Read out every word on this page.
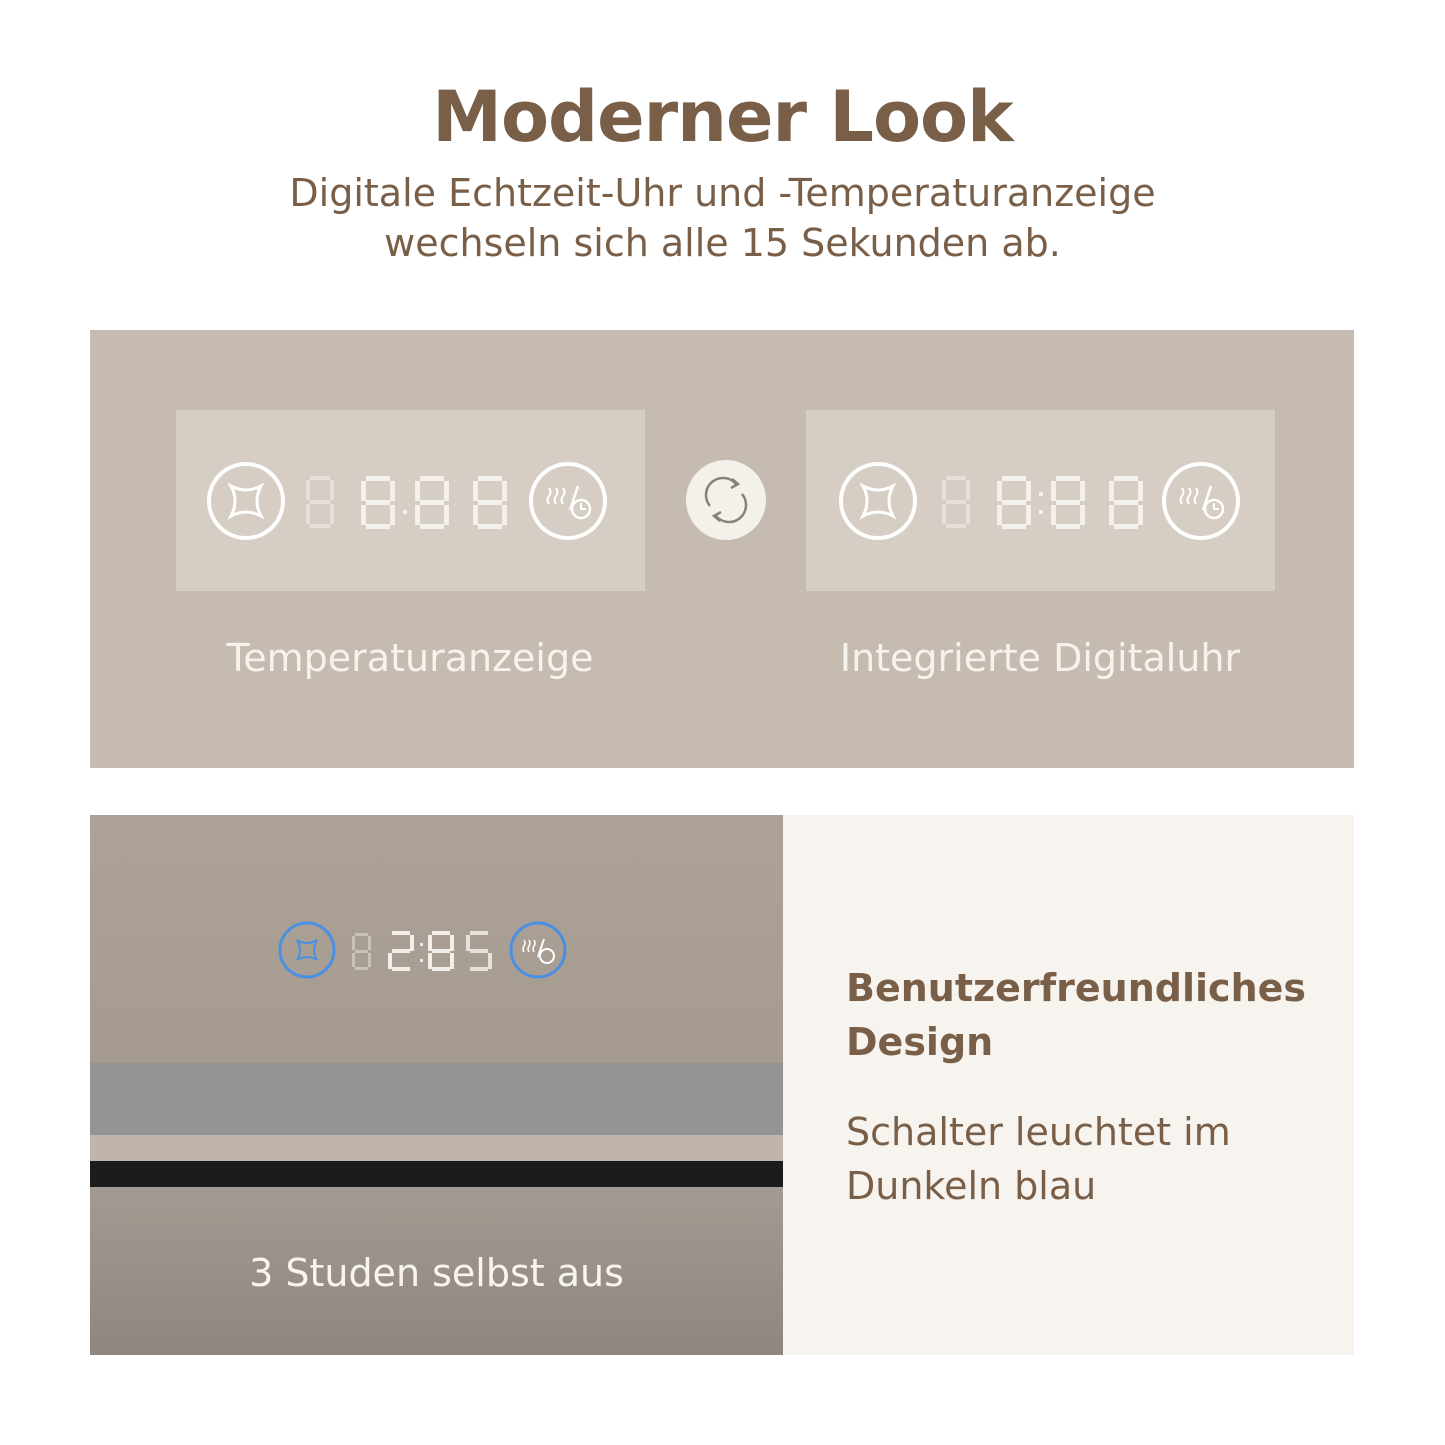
Moderner Look
Digitale Echtzeit-Uhr und -Temperaturanzeige
wechseln sich alle 15 Sekunden ab.
Temperaturanzeige	Integrierte Digitaluhr
3 Studen selbst aus
Benutzerfreundliches
Design
Schalter leuchtet im
Dunkeln blau
